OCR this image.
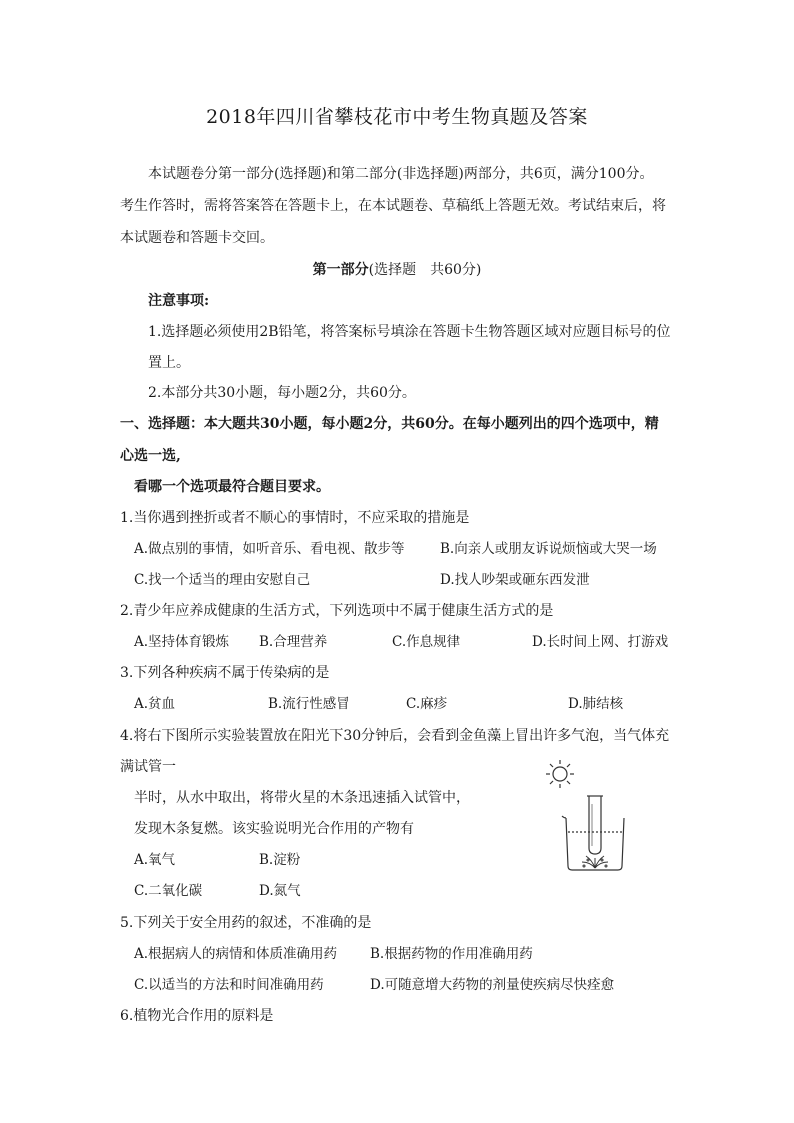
2018年四川省攀枝花市中考生物真题及答案
本试题卷分第一部分(选择题)和第二部分(非选择题)两部分，共6页，满分100分。
考生作答时，需将答案答在答题卡上，在本试题卷、草稿纸上答题无效。考试结束后，将
本试题卷和答题卡交回。
第一部分(选择题　共60分)
注意事项:
1.选择题必须使用2B铅笔，将答案标号填涂在答题卡生物答题区域对应题目标号的位
置上。
2.本部分共30小题，每小题2分，共60分。
一、选择题：本大题共30小题，每小题2分，共60分。在每小题列出的四个选项中，精
心选一选,
看哪一个选项最符合题目要求。
1.当你遇到挫折或者不顺心的事情时，不应采取的措施是
A.做点别的事情，如听音乐、看电视、散步等	B.向亲人或朋友诉说烦恼或大哭一场
C.找一个适当的理由安慰自己	D.找人吵架或砸东西发泄
2.青少年应养成健康的生活方式，下列选项中不属于健康生活方式的是
A.坚持体育锻炼 B.合理营养	C.作息规律	D.长时间上网、打游戏
3.下列各种疾病不属于传染病的是
A.贫血	B.流行性感冒	C.麻疹	D.肺结核
4.将右下图所示实验装置放在阳光下30分钟后，会看到金鱼藻上冒出许多气泡，当气体充
满试管一
半时，从水中取出，将带火星的木条迅速插入试管中，
发现木条复燃。该实验说明光合作用的产物有
A.氧气	B.淀粉
C.二氧化碳	D.氮气
5.下列关于安全用药的叙述，不准确的是
A.根据病人的病情和体质准确用药 B.根据药物的作用准确用药
C.以适当的方法和时间准确用药	D.可随意增大药物的剂量使疾病尽快痊愈
6.植物光合作用的原料是
